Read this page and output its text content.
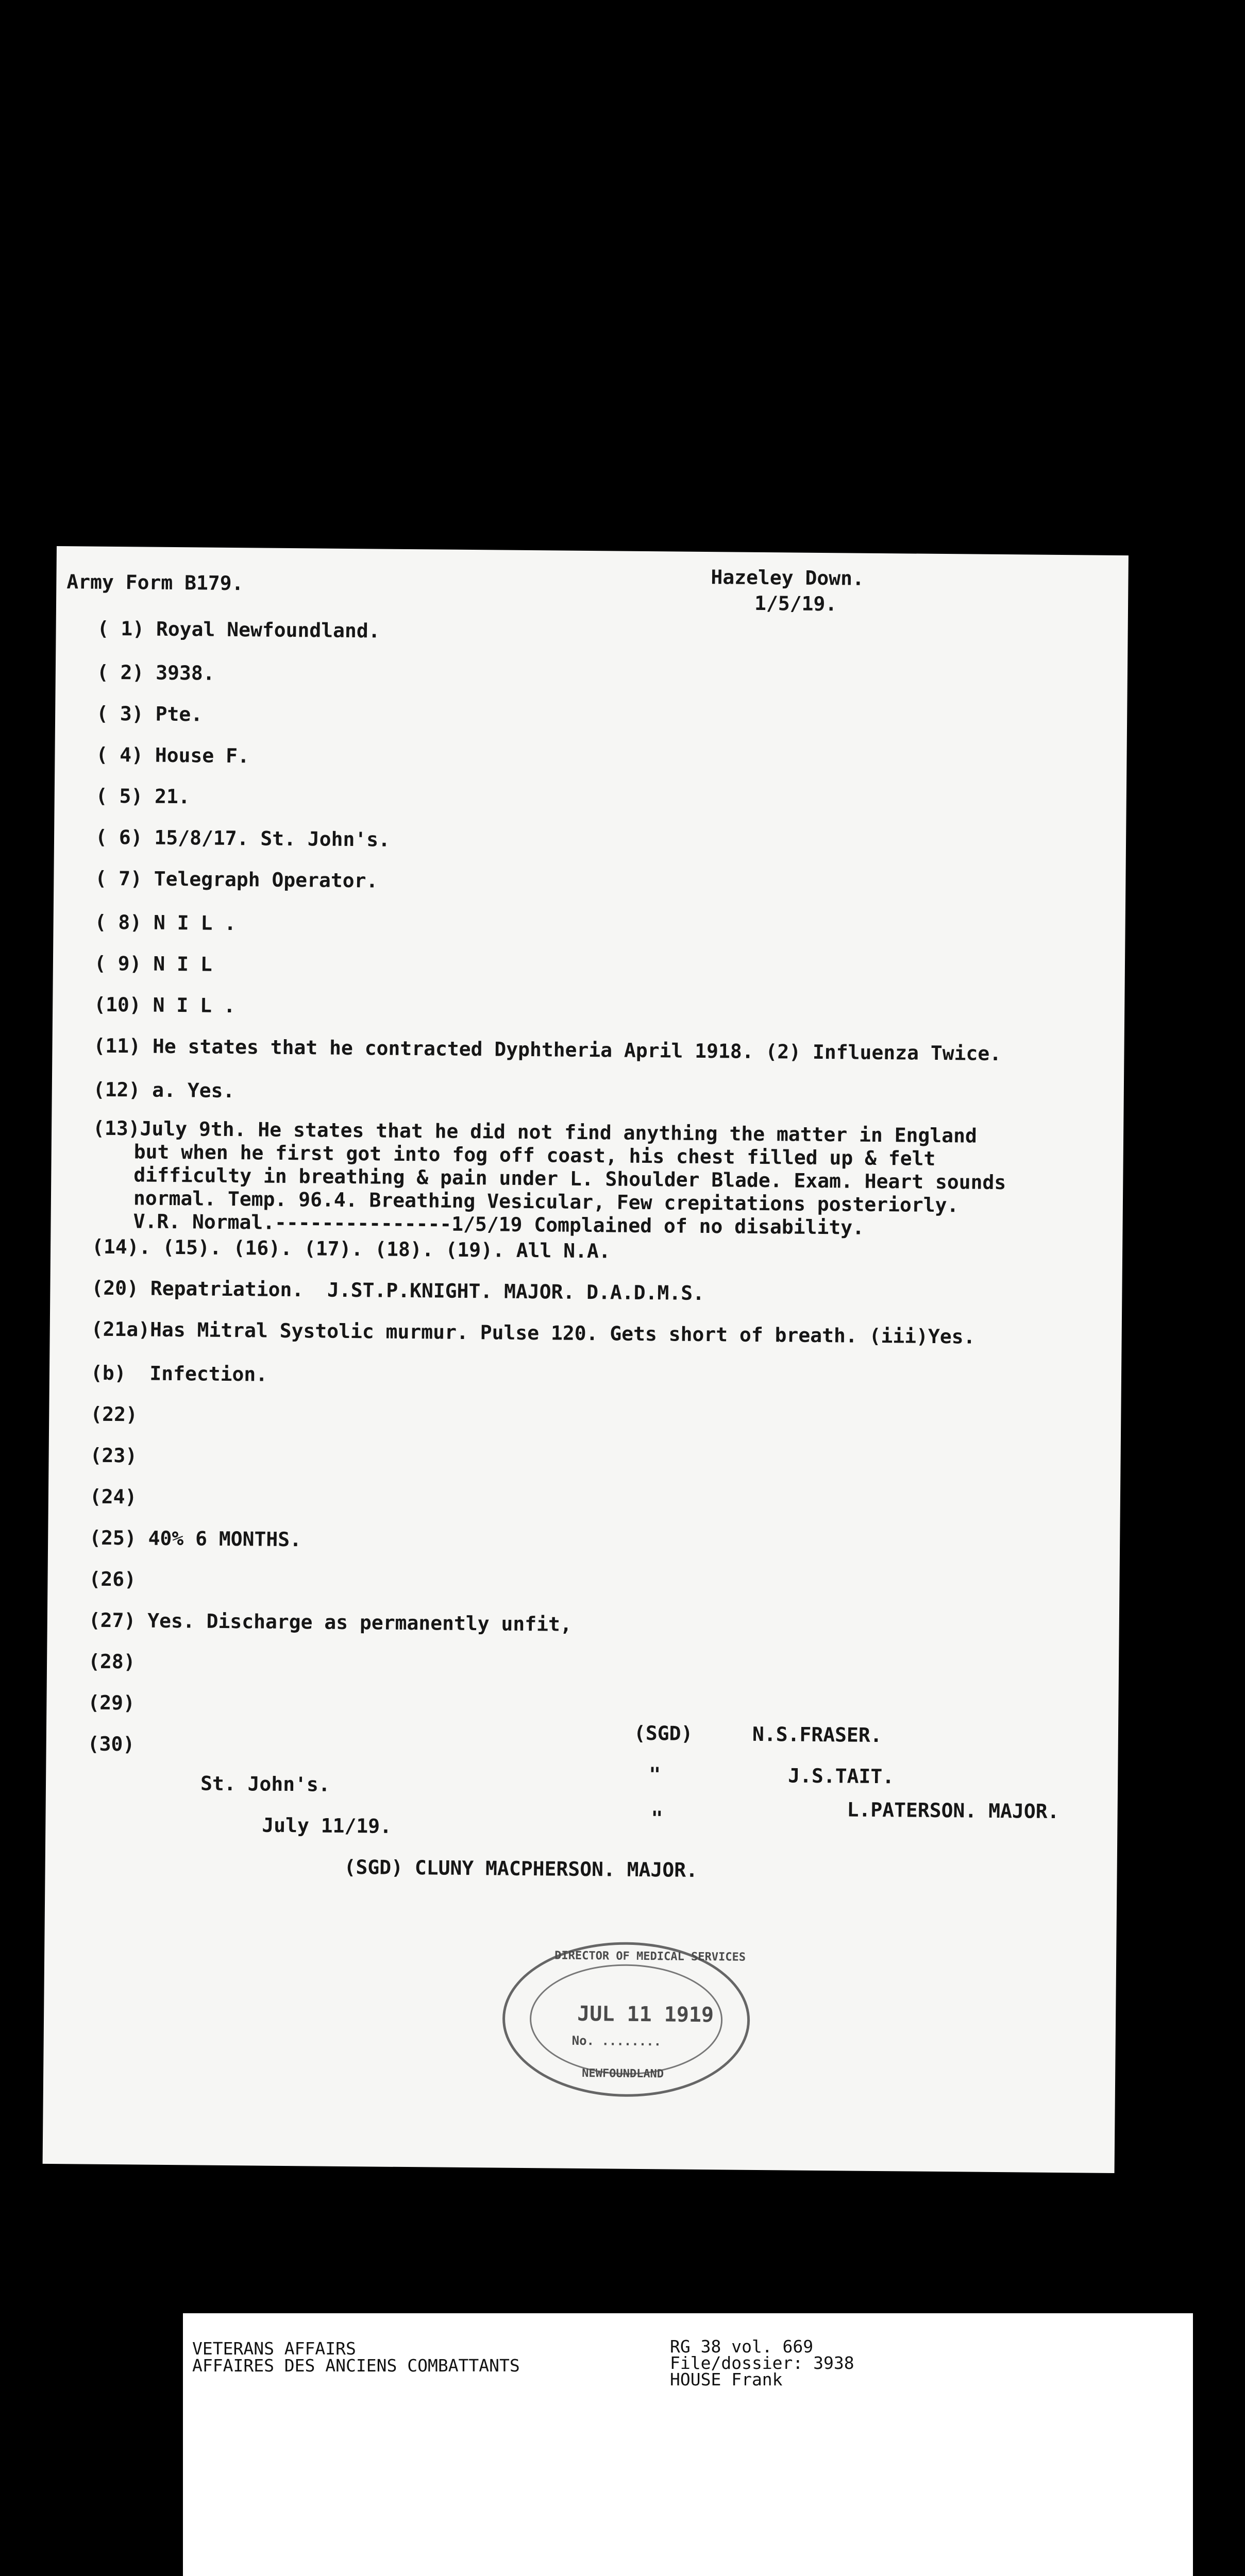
Army Form B179.	Hazeley Down.
1/5/19.
( 1) Royal Newfoundland.
( 2) 3938.
( 3) Pte.
( 4) House F.
( 5) 21.
( 6) 15/8/17. St. John's.
( 7) Telegraph Operator.
( 8) N I L .
( 9) N I L
(10) N I L .
(11) He states that he contracted Dyphtheria April 1918. (2) Influenza Twice.
(12) a. Yes.
(13)July 9th. He states that he did not find anything the matter in England
but when he first got into fog off coast, his chest filled up & felt
difficulty in breathing & pain under L. Shoulder Blade. Exam. Heart sounds
normal. Temp. 96.4. Breathing Vesicular, Few crepitations posteriorly.
V.R. Normal.---------------1/5/19 Complained of no disability.
(14). (15). (16). (17). (18). (19). All N.A.
(20) Repatriation.  J.ST.P.KNIGHT. MAJOR. D.A.D.M.S.
(21a)Has Mitral Systolic murmur. Pulse 120. Gets short of breath. (iii)Yes.
(b)  Infection.
(22)
(23)
(24)
(25) 40% 6 MONTHS.
(26)
(27) Yes. Discharge as permanently unfit,
(28)
(29)
(30)	(SGD)	N.S.FRASER.
"	J.S.TAIT.
"	L.PATERSON. MAJOR.
St. John's.
July 11/19.
(SGD) CLUNY MACPHERSON. MAJOR.
DIRECTOR OF MEDICAL SERVICES
JUL 11 1919
No. ........
NEWFOUNDLAND
VETERANS AFFAIRS
AFFAIRES DES ANCIENS COMBATTANTS
RG 38 vol. 669
File/dossier: 3938
HOUSE Frank
